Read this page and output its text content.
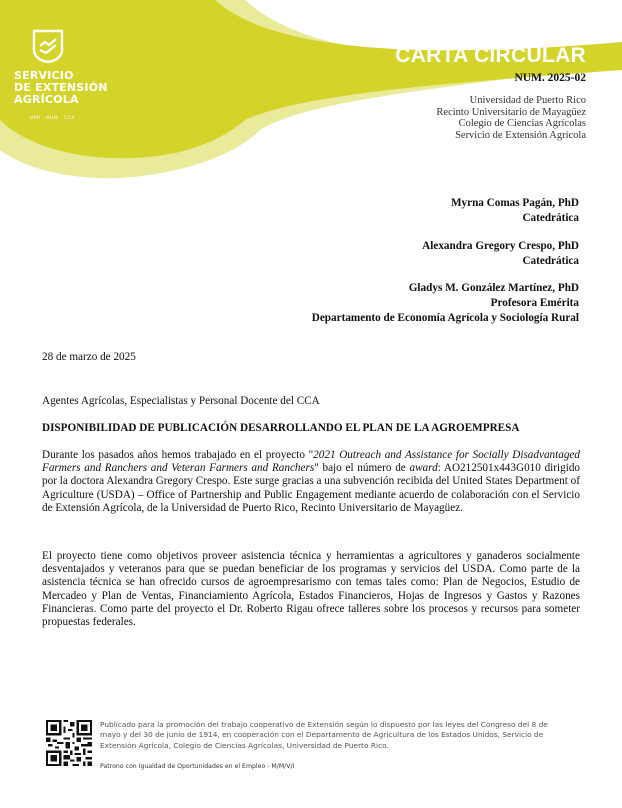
SERVICIO
DE EXTENSIÓN
AGRÍCOLA
UPR · RUM · CCA
CARTA CIRCULAR
NUM. 2025-02
Universidad de Puerto Rico
Recinto Universitario de Mayagüez
Colegio de Ciencias Agrícolas
Servicio de Extensión Agrícola
Myrna Comas Pagán, PhD
Catedrática
Alexandra Gregory Crespo, PhD
Catedrática
Gladys M. González Martínez, PhD
Profesora Emérita
Departamento de Economía Agrícola y Sociología Rural
28 de marzo de 2025
Agentes Agrícolas, Especialistas y Personal Docente del CCA
DISPONIBILIDAD DE PUBLICACIÓN DESARROLLANDO EL PLAN DE LA AGROEMPRESA
Durante los pasados años hemos trabajado en el proyecto "2021 Outreach and Assistance for Socially Disadvantaged Farmers and Ranchers and Veteran Farmers and Ranchers" bajo el número de award: AO212501x443G010 dirigido por la doctora Alexandra Gregory Crespo. Este surge gracias a una subvención recibida del United States Department of Agriculture (USDA) – Office of Partnership and Public Engagement mediante acuerdo de colaboración con el Servicio de Extensión Agrícola, de la Universidad de Puerto Rico, Recinto Universitario de Mayagüez.
El proyecto tiene como objetivos proveer asistencia técnica y herramientas a agricultores y ganaderos socialmente desventajados y veteranos para que se puedan beneficiar de los programas y servicios del USDA. Como parte de la asistencia técnica se han ofrecido cursos de agroempresarismo con temas tales como: Plan de Negocios, Estudio de Mercadeo y Plan de Ventas, Financiamiento Agrícola, Estados Financieros, Hojas de Ingresos y Gastos y Razones Financieras. Como parte del proyecto el Dr. Roberto Rigau ofrece talleres sobre los procesos y recursos para someter propuestas federales.
Publicado para la promoción del trabajo cooperativo de Extensión según lo dispuesto por las leyes del Congreso del 8 de mayo y del 30 de junio de 1914, en cooperación con el Departamento de Agricultura de los Estados Unidos, Servicio de Extensión Agrícola, Colegio de Ciencias Agrícolas, Universidad de Puerto Rico.
Patrono con Igualdad de Oportunidades en el Empleo - M/M/V/I
